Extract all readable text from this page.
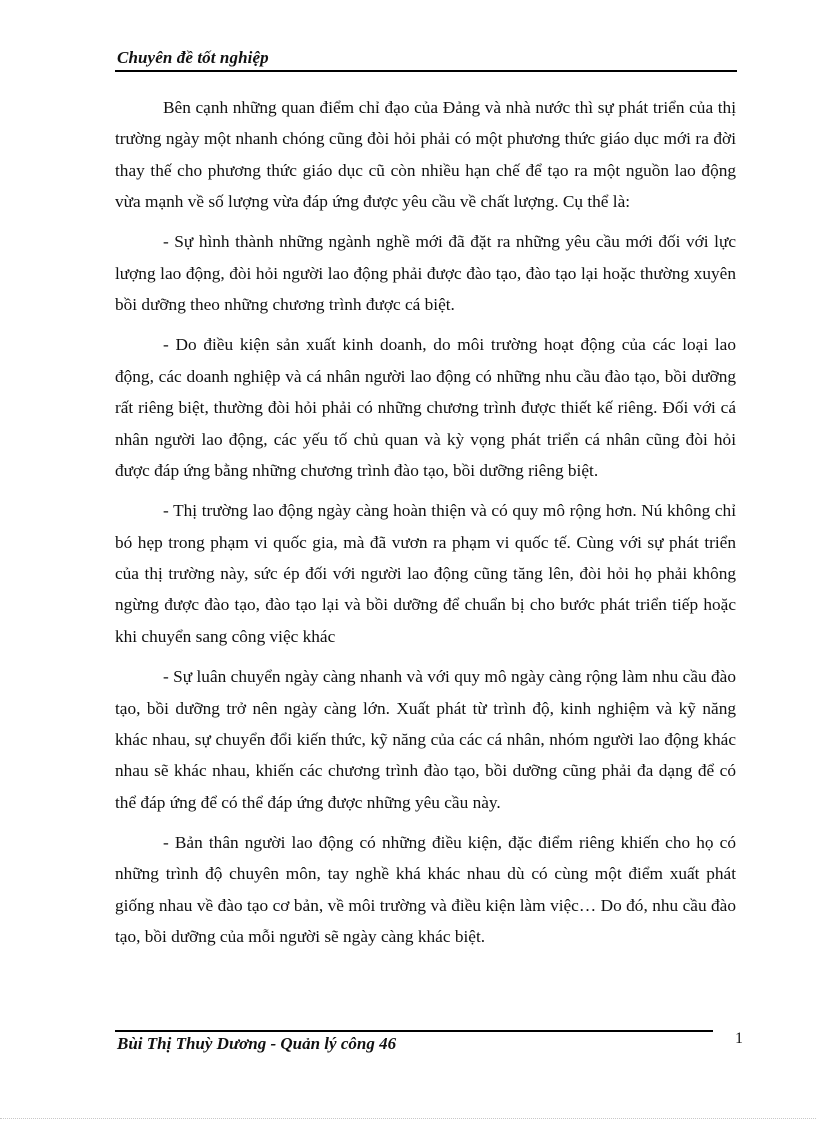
Chuyên đề tốt nghiệp

Bên cạnh những quan điểm chỉ đạo của Đảng và nhà nước thì sự phát triển của thị trường ngày một nhanh chóng cũng đòi hỏi phải có một phương thức giáo dục mới ra đời thay thế cho phương thức giáo dục cũ còn nhiều hạn chế để tạo ra một nguồn lao động vừa mạnh về số lượng vừa đáp ứng được yêu cầu về chất lượng. Cụ thể là:

- Sự hình thành những ngành nghề mới đã đặt ra những yêu cầu mới đối với lực lượng lao động, đòi hỏi người lao động phải được đào tạo, đào tạo lại hoặc thường xuyên bồi dưỡng theo những chương trình được cá biệt.

- Do điều kiện sản xuất kinh doanh, do môi trường hoạt động của các loại lao động, các doanh nghiệp và cá nhân người lao động có những nhu cầu đào tạo, bồi dưỡng rất riêng biệt, thường đòi hỏi phải có những chương trình được thiết kế riêng. Đối với cá nhân người lao động, các yếu tố chủ quan và kỳ vọng phát triển cá nhân cũng đòi hỏi được đáp ứng bằng những chương trình đào tạo, bồi dưỡng riêng biệt.

- Thị trường lao động ngày càng hoàn thiện và có quy mô rộng hơn. Nú không chỉ bó hẹp trong phạm vi quốc gia, mà đã vươn ra phạm vi quốc tế. Cùng với sự phát triển của thị trường này, sức ép đối với người lao động cũng tăng lên, đòi hỏi họ phải không ngừng được đào tạo, đào tạo lại và bồi dưỡng để chuẩn bị cho bước phát triển tiếp hoặc khi chuyển sang công việc khác

- Sự luân chuyển ngày càng nhanh và với quy mô ngày càng rộng làm nhu cầu đào tạo, bồi dưỡng trở nên ngày càng lớn. Xuất phát từ trình độ, kinh nghiệm và kỹ năng khác nhau, sự chuyển đổi kiến thức, kỹ năng của các cá nhân, nhóm người lao động khác nhau sẽ khác nhau, khiến các chương trình đào tạo, bồi dưỡng cũng phải đa dạng để có thể đáp ứng để có thể đáp ứng được những yêu cầu này.

- Bản thân người lao động có những điều kiện, đặc điểm riêng khiến cho họ có những trình độ chuyên môn, tay nghề khá khác nhau dù có cùng một điểm xuất phát giống nhau về đào tạo cơ bản, về môi trường và điều kiện làm việc… Do đó, nhu cầu đào tạo, bồi dưỡng của mỗi người sẽ ngày càng khác biệt.

Bùi Thị Thuỳ Dương - Quản lý công 46	1
